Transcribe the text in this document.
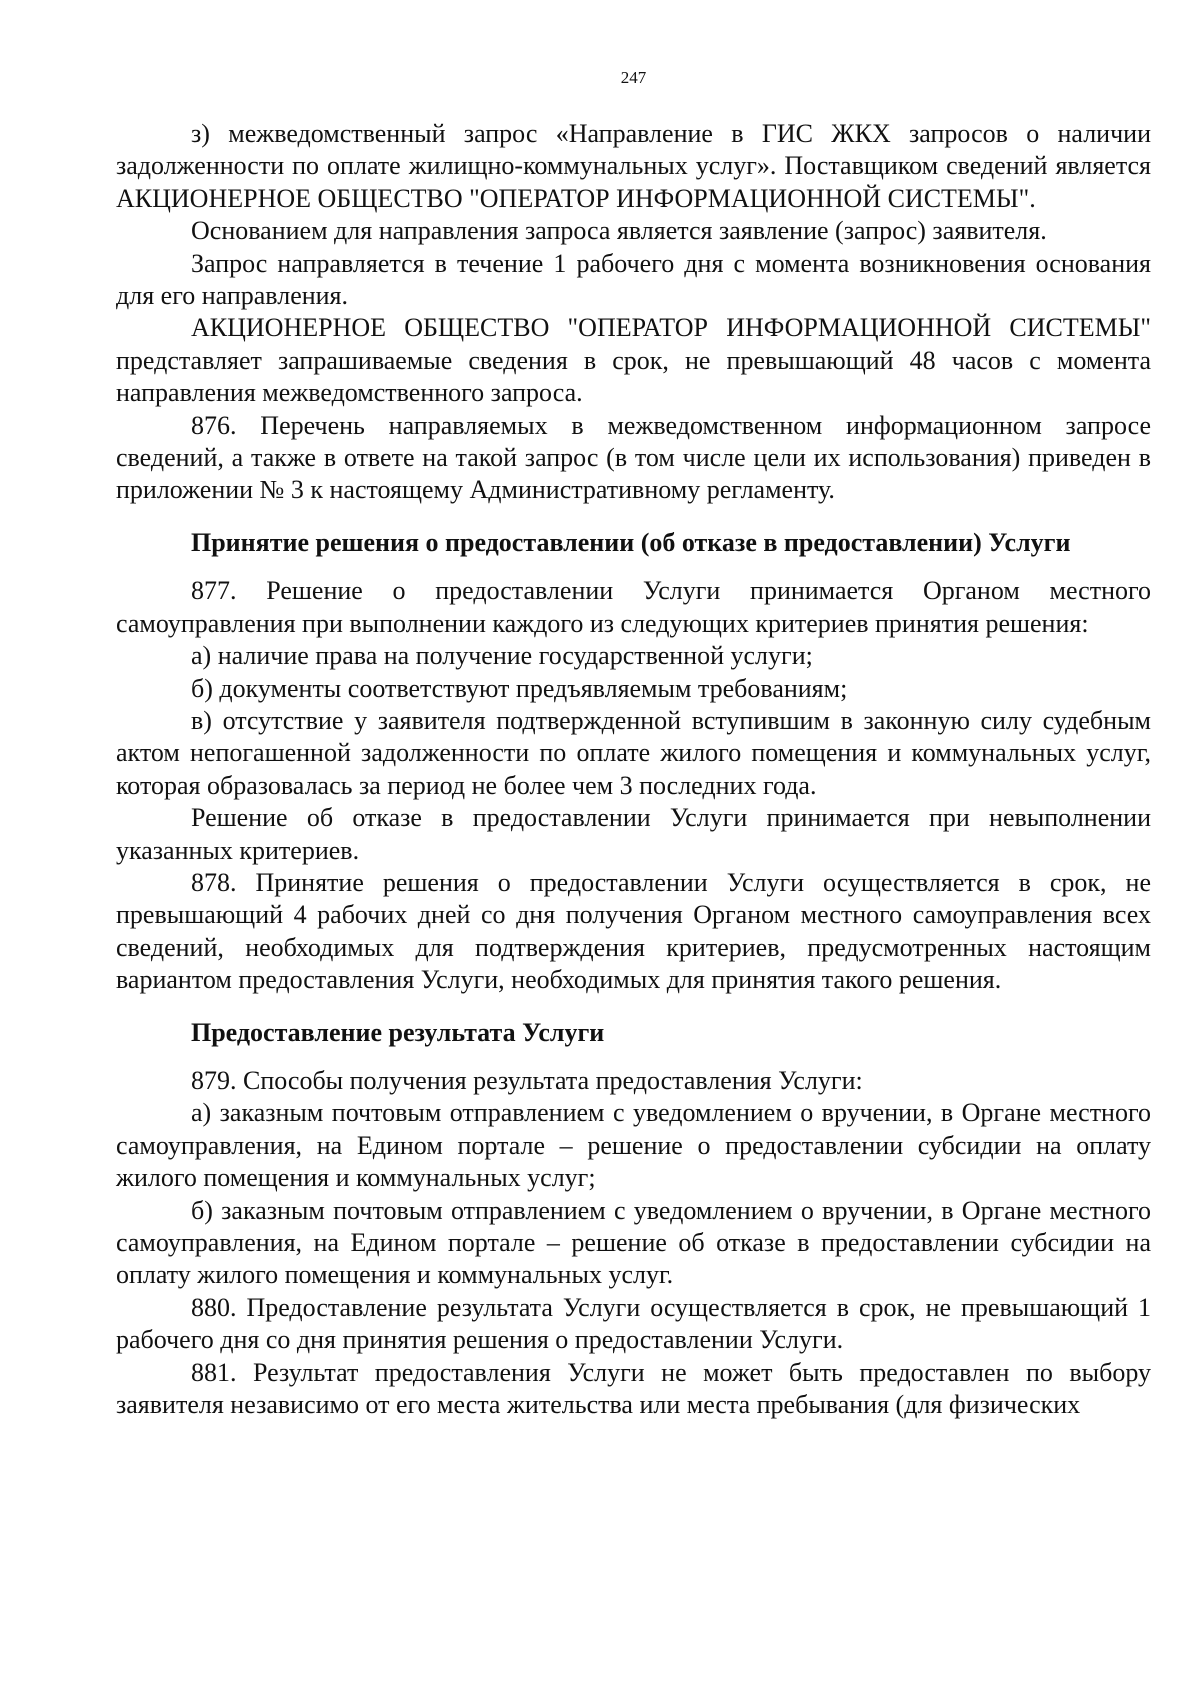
247

з) межведомственный запрос «Направление в ГИС ЖКХ запросов о наличии задолженности по оплате жилищно-коммунальных услуг». Поставщиком сведений является АКЦИОНЕРНОЕ ОБЩЕСТВО "ОПЕРАТОР ИНФОРМАЦИОННОЙ СИСТЕМЫ".

Основанием для направления запроса является заявление (запрос) заявителя.

Запрос направляется в течение 1 рабочего дня с момента возникновения основания для его направления.

АКЦИОНЕРНОЕ ОБЩЕСТВО "ОПЕРАТОР ИНФОРМАЦИОННОЙ СИСТЕМЫ" представляет запрашиваемые сведения в срок, не превышающий 48 часов с момента направления межведомственного запроса.

876. Перечень направляемых в межведомственном информационном запросе сведений, а также в ответе на такой запрос (в том числе цели их использования) приведен в приложении № 3 к настоящему Административному регламенту.

Принятие решения о предоставлении (об отказе в предоставлении) Услуги

877. Решение о предоставлении Услуги принимается Органом местного самоуправления при выполнении каждого из следующих критериев принятия решения:

а) наличие права на получение государственной услуги;

б) документы соответствуют предъявляемым требованиям;

в) отсутствие у заявителя подтвержденной вступившим в законную силу судебным актом непогашенной задолженности по оплате жилого помещения и коммунальных услуг, которая образовалась за период не более чем 3 последних года.

Решение об отказе в предоставлении Услуги принимается при невыполнении указанных критериев.

878. Принятие решения о предоставлении Услуги осуществляется в срок, не превышающий 4 рабочих дней со дня получения Органом местного самоуправления всех сведений, необходимых для подтверждения критериев, предусмотренных настоящим вариантом предоставления Услуги, необходимых для принятия такого решения.

Предоставление результата Услуги

879. Способы получения результата предоставления Услуги:

а) заказным почтовым отправлением с уведомлением о вручении, в Органе местного самоуправления, на Едином портале – решение о предоставлении субсидии на оплату жилого помещения и коммунальных услуг;

б) заказным почтовым отправлением с уведомлением о вручении, в Органе местного самоуправления, на Едином портале – решение об отказе в предоставлении субсидии на оплату жилого помещения и коммунальных услуг.

880. Предоставление результата Услуги осуществляется в срок, не превышающий 1 рабочего дня со дня принятия решения о предоставлении Услуги.

881. Результат предоставления Услуги не может быть предоставлен по выбору заявителя независимо от его места жительства или места пребывания (для физических
